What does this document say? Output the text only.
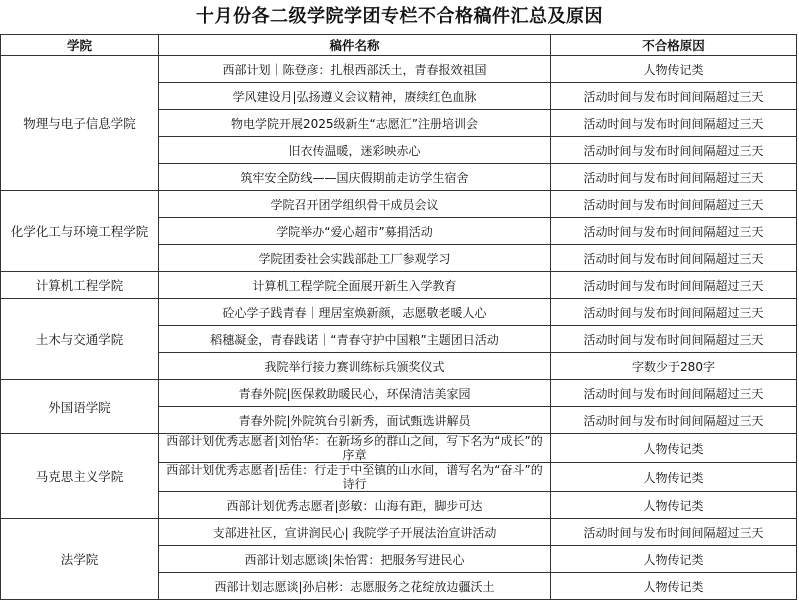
十月份各二级学院学团专栏不合格稿件汇总及原因
学院	稿件名称	不合格原因
物理与电子信息学院	西部计划｜陈登彦：扎根西部沃土，青春报效祖国	人物传记类
	学风建设月|弘扬遵义会议精神，赓续红色血脉	活动时间与发布时间间隔超过三天
	物电学院开展2025级新生“志愿汇”注册培训会	活动时间与发布时间间隔超过三天
	旧衣传温暖，迷彩映赤心	活动时间与发布时间间隔超过三天
	筑牢安全防线——国庆假期前走访学生宿舍	活动时间与发布时间间隔超过三天
化学化工与环境工程学院	学院召开团学组织骨干成员会议	活动时间与发布时间间隔超过三天
	学院举办“爱心超市”募捐活动	活动时间与发布时间间隔超过三天
	学院团委社会实践部赴工厂参观学习	活动时间与发布时间间隔超过三天
计算机工程学院	计算机工程学院全面展开新生入学教育	活动时间与发布时间间隔超过三天
土木与交通学院	砼心学子践青春｜理居室焕新颜，志愿敬老暖人心	活动时间与发布时间间隔超过三天
	稻穗凝金，青春践诺｜“青春守护中国粮”主题团日活动	活动时间与发布时间间隔超过三天
	我院举行接力赛训练标兵颁奖仪式	字数少于280字
外国语学院	青春外院|医保救助暖民心，环保清洁美家园	活动时间与发布时间间隔超过三天
	青春外院|外院筑台引新秀，面试甄选讲解员	活动时间与发布时间间隔超过三天
马克思主义学院	西部计划优秀志愿者|刘怡华：在新场乡的群山之间，写下名为“成长”的序章	人物传记类
	西部计划优秀志愿者|岳佳：行走于中至镇的山水间，谱写名为“奋斗”的诗行	人物传记类
	西部计划优秀志愿者|彭敏：山海有距，脚步可达	人物传记类
法学院	支部进社区，宣讲润民心| 我院学子开展法治宣讲活动	活动时间与发布时间间隔超过三天
	西部计划志愿谈|朱怡霄：把服务写进民心	人物传记类
	西部计划志愿谈|孙启彬：志愿服务之花绽放边疆沃土	人物传记类
